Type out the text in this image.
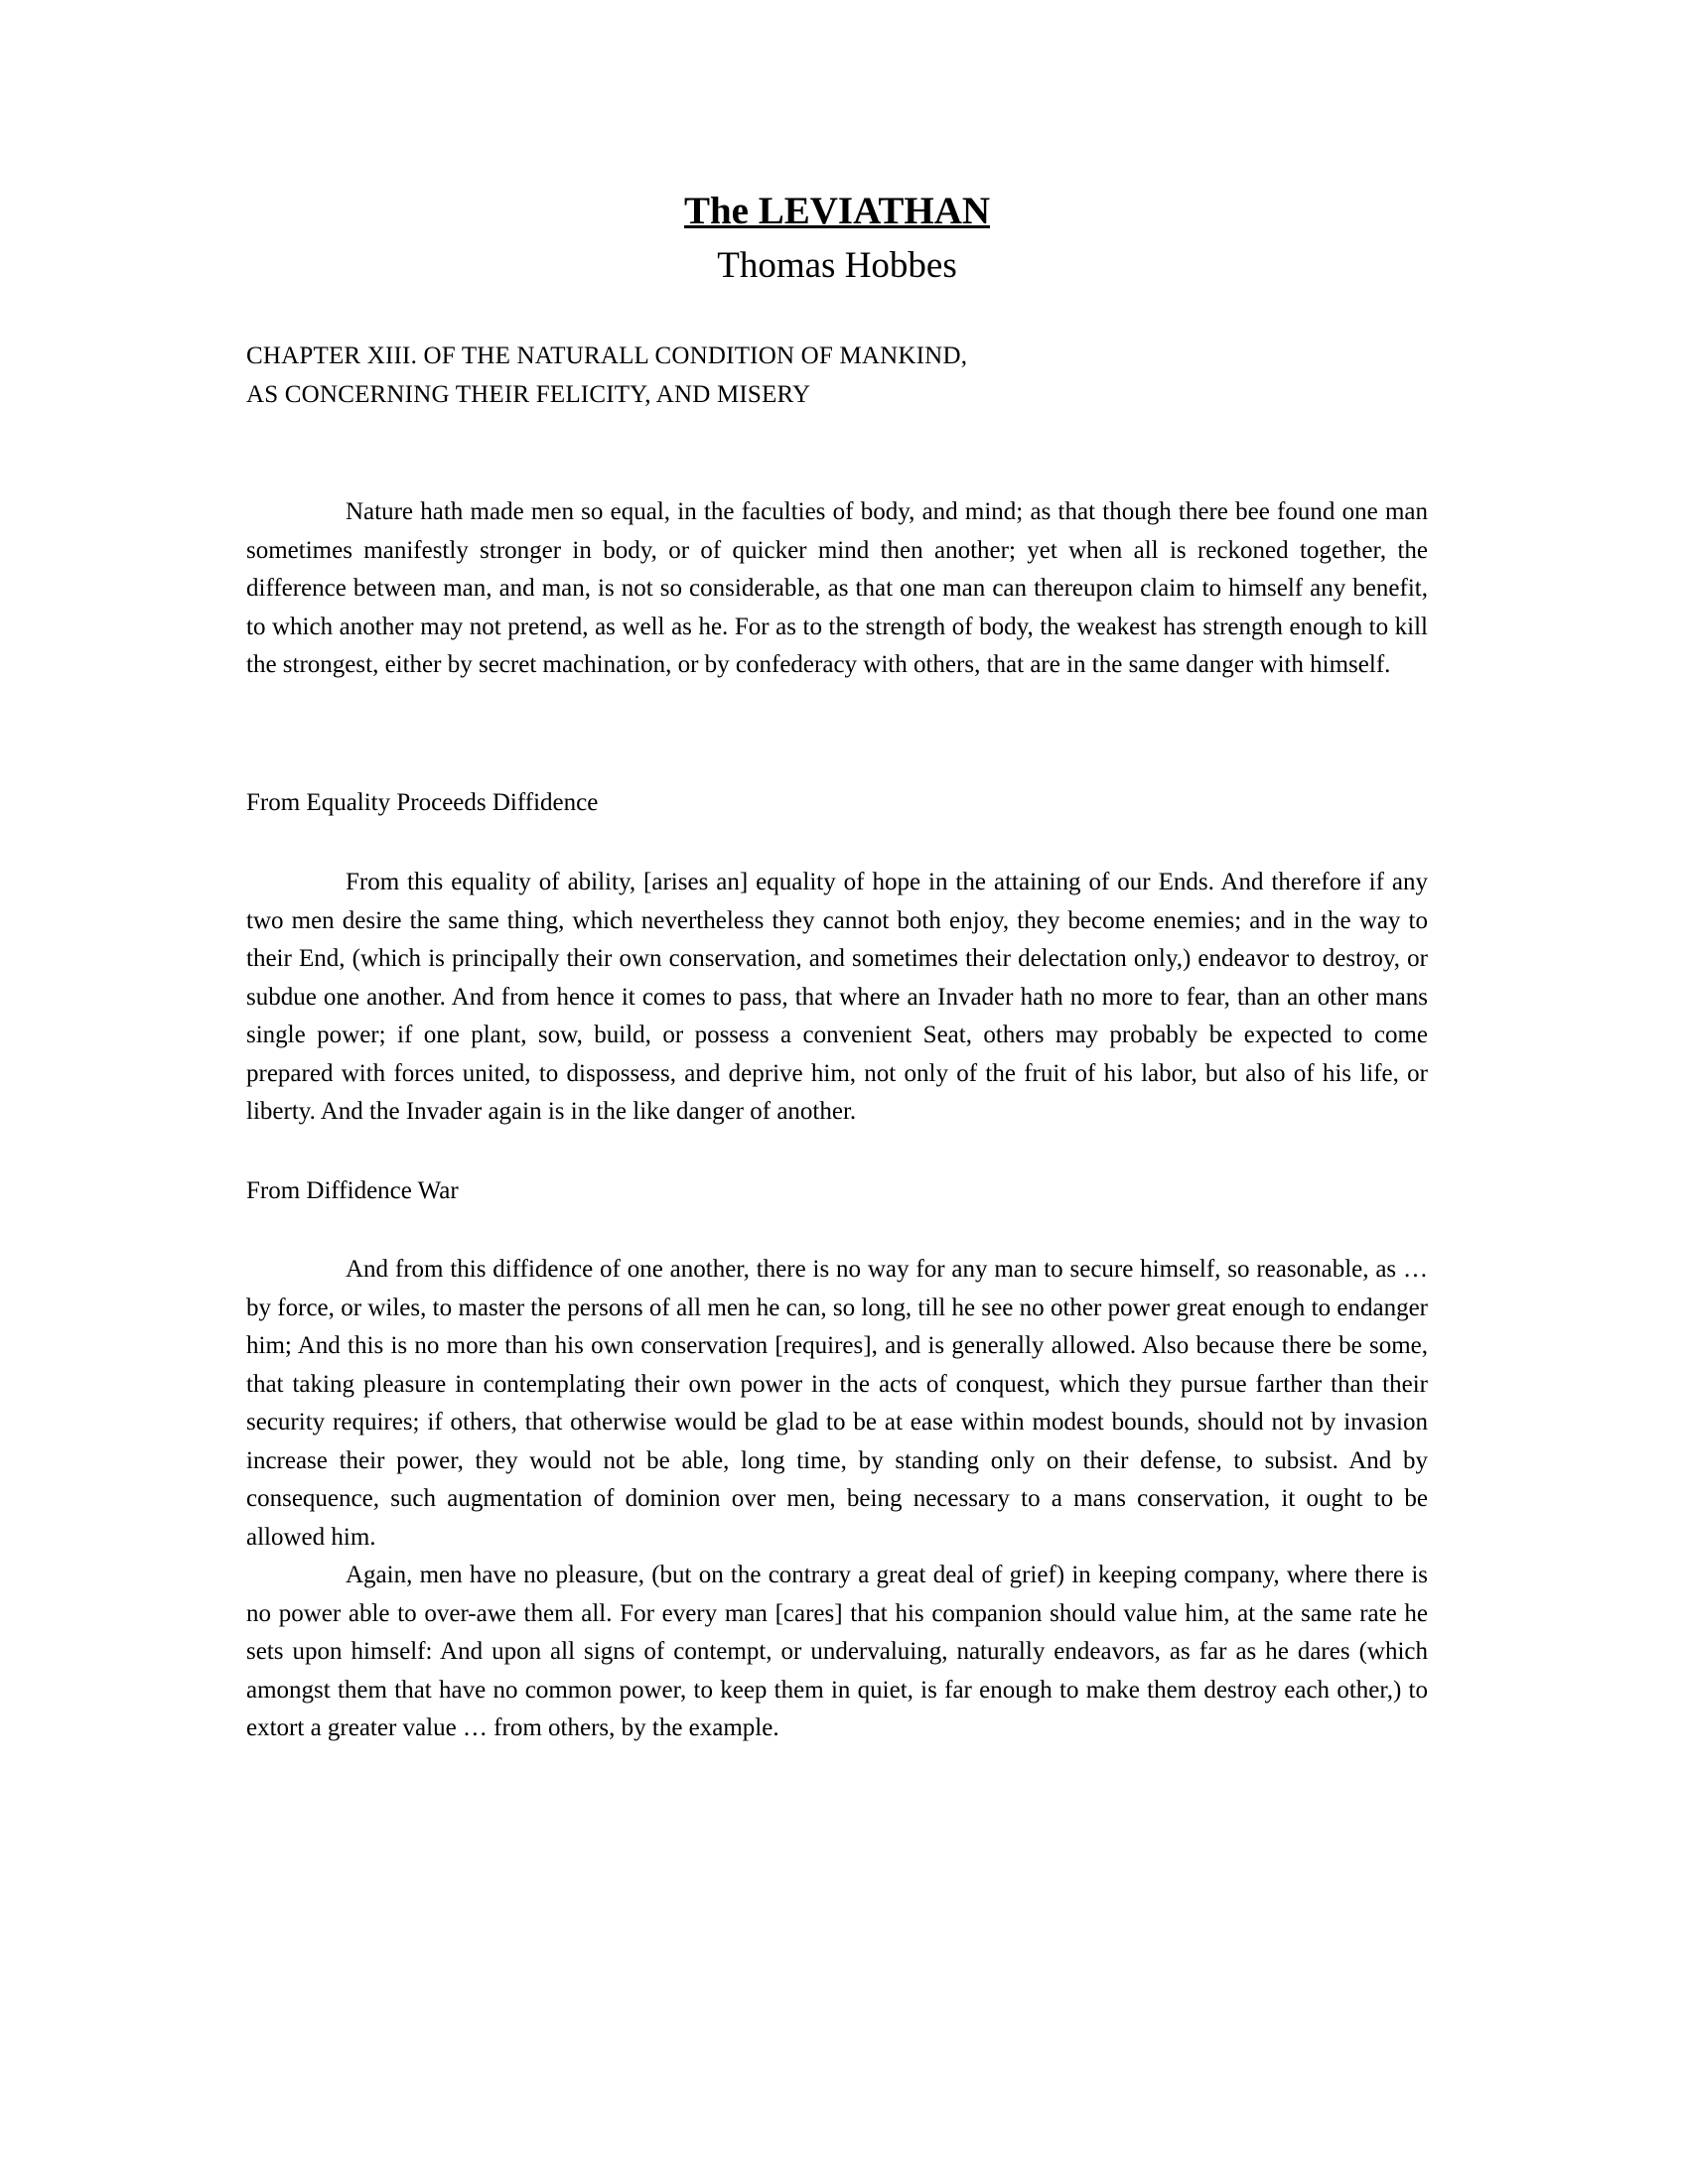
The LEVIATHAN
Thomas Hobbes
CHAPTER XIII. OF THE NATURALL CONDITION OF MANKIND,
AS CONCERNING THEIR FELICITY, AND MISERY

Nature hath made men so equal, in the faculties of body, and mind; as that though there bee found one man sometimes manifestly stronger in body, or of quicker mind then another; yet when all is reckoned together, the difference between man, and man, is not so considerable, as that one man can thereupon claim to himself any benefit, to which another may not pretend, as well as he. For as to the strength of body, the weakest has strength enough to kill the strongest, either by secret machination, or by confederacy with others, that are in the same danger with himself.

From Equality Proceeds Diffidence

From this equality of ability, [arises an] equality of hope in the attaining of our Ends. And therefore if any two men desire the same thing, which nevertheless they cannot both enjoy, they become enemies; and in the way to their End, (which is principally their own conservation, and sometimes their delectation only,) endeavor to destroy, or subdue one another. And from hence it comes to pass, that where an Invader hath no more to fear, than an other mans single power; if one plant, sow, build, or possess a convenient Seat, others may probably be expected to come prepared with forces united, to dispossess, and deprive him, not only of the fruit of his labor, but also of his life, or liberty. And the Invader again is in the like danger of another.

From Diffidence War

And from this diffidence of one another, there is no way for any man to secure himself, so reasonable, as … by force, or wiles, to master the persons of all men he can, so long, till he see no other power great enough to endanger him; And this is no more than his own conservation [requires], and is generally allowed. Also because there be some, that taking pleasure in contemplating their own power in the acts of conquest, which they pursue farther than their security requires; if others, that otherwise would be glad to be at ease within modest bounds, should not by invasion increase their power, they would not be able, long time, by standing only on their defense, to subsist. And by consequence, such augmentation of dominion over men, being necessary to a mans conservation, it ought to be allowed him.

Again, men have no pleasure, (but on the contrary a great deal of grief) in keeping company, where there is no power able to over-awe them all. For every man [cares] that his companion should value him, at the same rate he sets upon himself: And upon all signs of contempt, or undervaluing, naturally endeavors, as far as he dares (which amongst them that have no common power, to keep them in quiet, is far enough to make them destroy each other,) to extort a greater value … from others, by the example.
